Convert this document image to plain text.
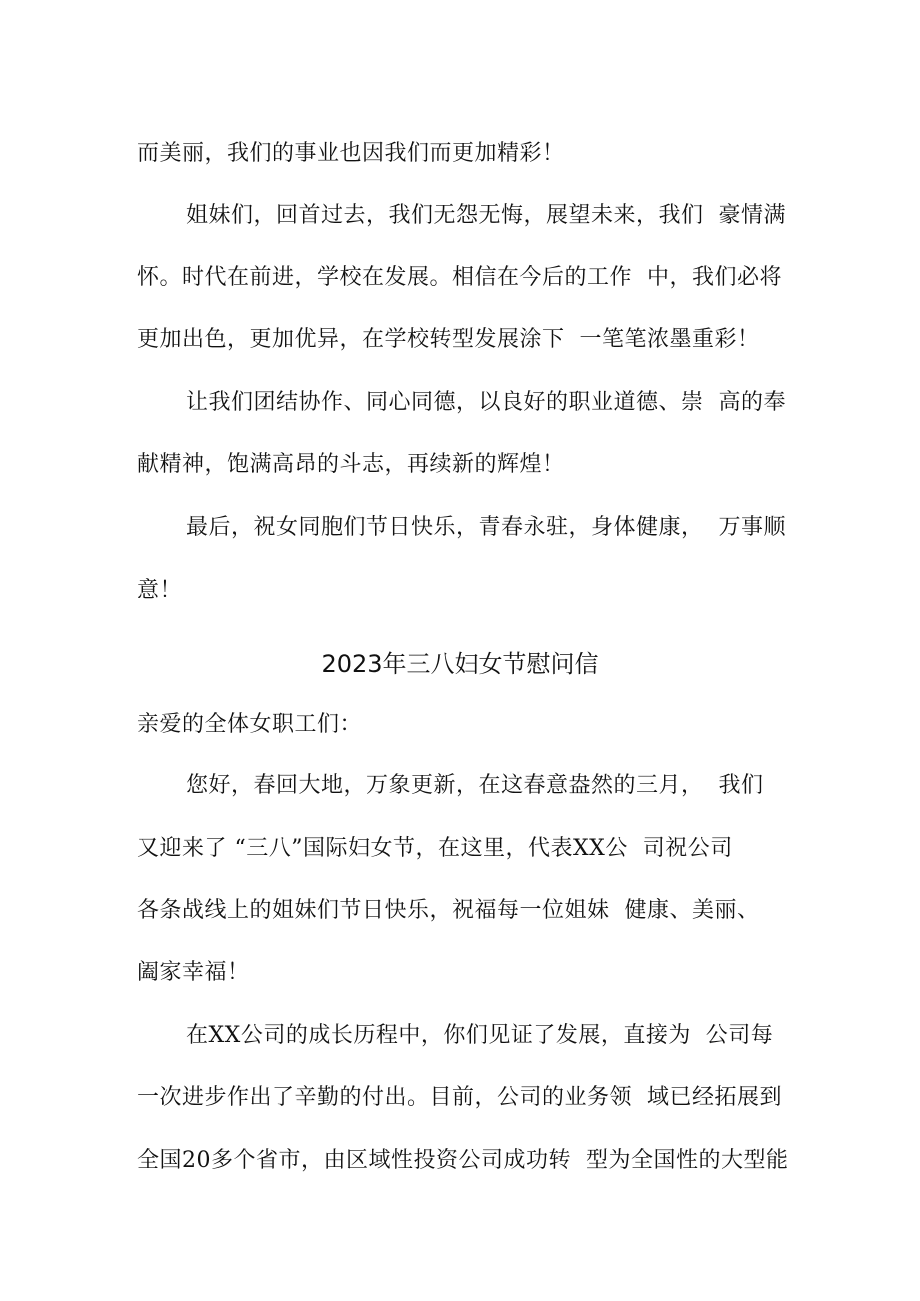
而美丽，我们的事业也因我们而更加精彩！
姐妹们，回首过去，我们无怨无悔，展望未来，我们  豪情满
怀。时代在前进，学校在发展。相信在今后的工作  中，我们必将
更加出色，更加优异，在学校转型发展涂下  一笔笔浓墨重彩！
让我们团结协作、同心同德，以良好的职业道德、崇  高的奉
献精神，饱满高昂的斗志，再续新的辉煌！
最后，祝女同胞们节日快乐，青春永驻，身体健康，  万事顺
意！
2023年三八妇女节慰问信
亲爱的全体女职工们：
您好，春回大地，万象更新，在这春意盎然的三月，  我们
又迎来了 “三八”国际妇女节，在这里，代表XX公  司祝公司
各条战线上的姐妹们节日快乐，祝福每一位姐妹  健康、美丽、
阖家幸福！
在XX公司的成长历程中，你们见证了发展，直接为  公司每
一次进步作出了辛勤的付出。目前，公司的业务领  域已经拓展到
全国20多个省市，由区域性投资公司成功转  型为全国性的大型能
